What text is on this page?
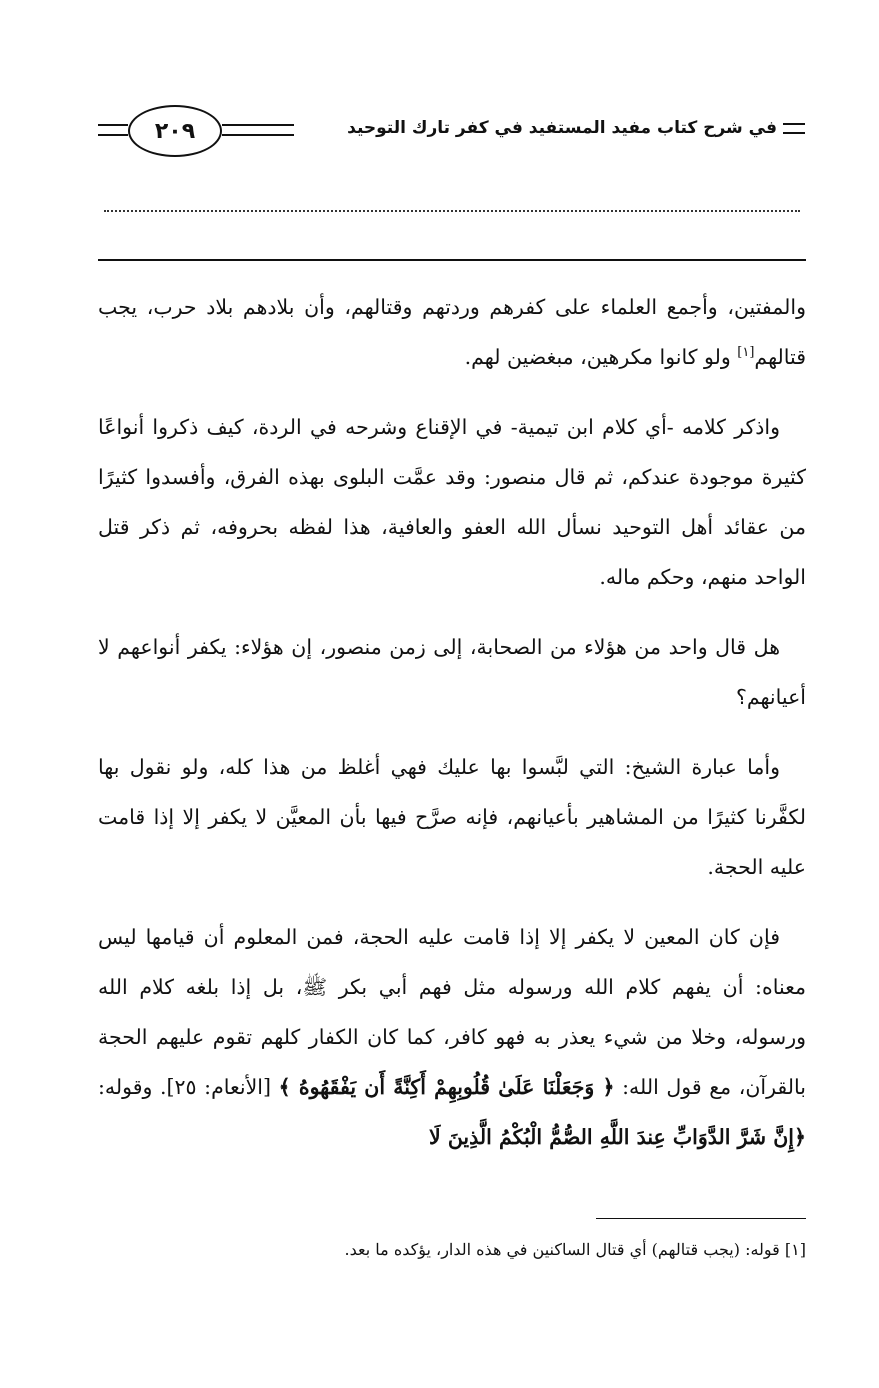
في شرح كتاب مفيد المستفيد في كفر تارك التوحيد
٢٠٩

والمفتين، وأجمع العلماء على كفرهم وردتهم وقتالهم، وأن بلادهم بلاد حرب، يجب قتالهم[١] ولو كانوا مكرهين، مبغضين لهم.

واذكر كلامه -أي كلام ابن تيمية- في الإقناع وشرحه في الردة، كيف ذكروا أنواعًا كثيرة موجودة عندكم، ثم قال منصور: وقد عمَّت البلوى بهذه الفرق، وأفسدوا كثيرًا من عقائد أهل التوحيد نسأل الله العفو والعافية، هذا لفظه بحروفه، ثم ذكر قتل الواحد منهم، وحكم ماله.

هل قال واحد من هؤلاء من الصحابة، إلى زمن منصور، إن هؤلاء: يكفر أنواعهم لا أعيانهم؟

وأما عبارة الشيخ: التي لبَّسوا بها عليك فهي أغلظ من هذا كله، ولو نقول بها لكفَّرنا كثيرًا من المشاهير بأعيانهم، فإنه صرَّح فيها بأن المعيَّن لا يكفر إلا إذا قامت عليه الحجة.

فإن كان المعين لا يكفر إلا إذا قامت عليه الحجة، فمن المعلوم أن قيامها ليس معناه: أن يفهم كلام الله ورسوله مثل فهم أبي بكر ﷺ، بل إذا بلغه كلام الله ورسوله، وخلا من شيء يعذر به فهو كافر، كما كان الكفار كلهم تقوم عليهم الحجة بالقرآن، مع قول الله: ﴿ وَجَعَلْنَا عَلَىٰ قُلُوبِهِمْ أَكِنَّةً أَن يَفْقَهُوهُ ﴾ [الأنعام: ٢٥]. وقوله: ﴿إِنَّ شَرَّ الدَّوَابِّ عِندَ اللَّهِ الصُّمُّ الْبُكْمُ الَّذِينَ لَا

[١] قوله: (يجب قتالهم) أي قتال الساكنين في هذه الدار، يؤكده ما بعد.
